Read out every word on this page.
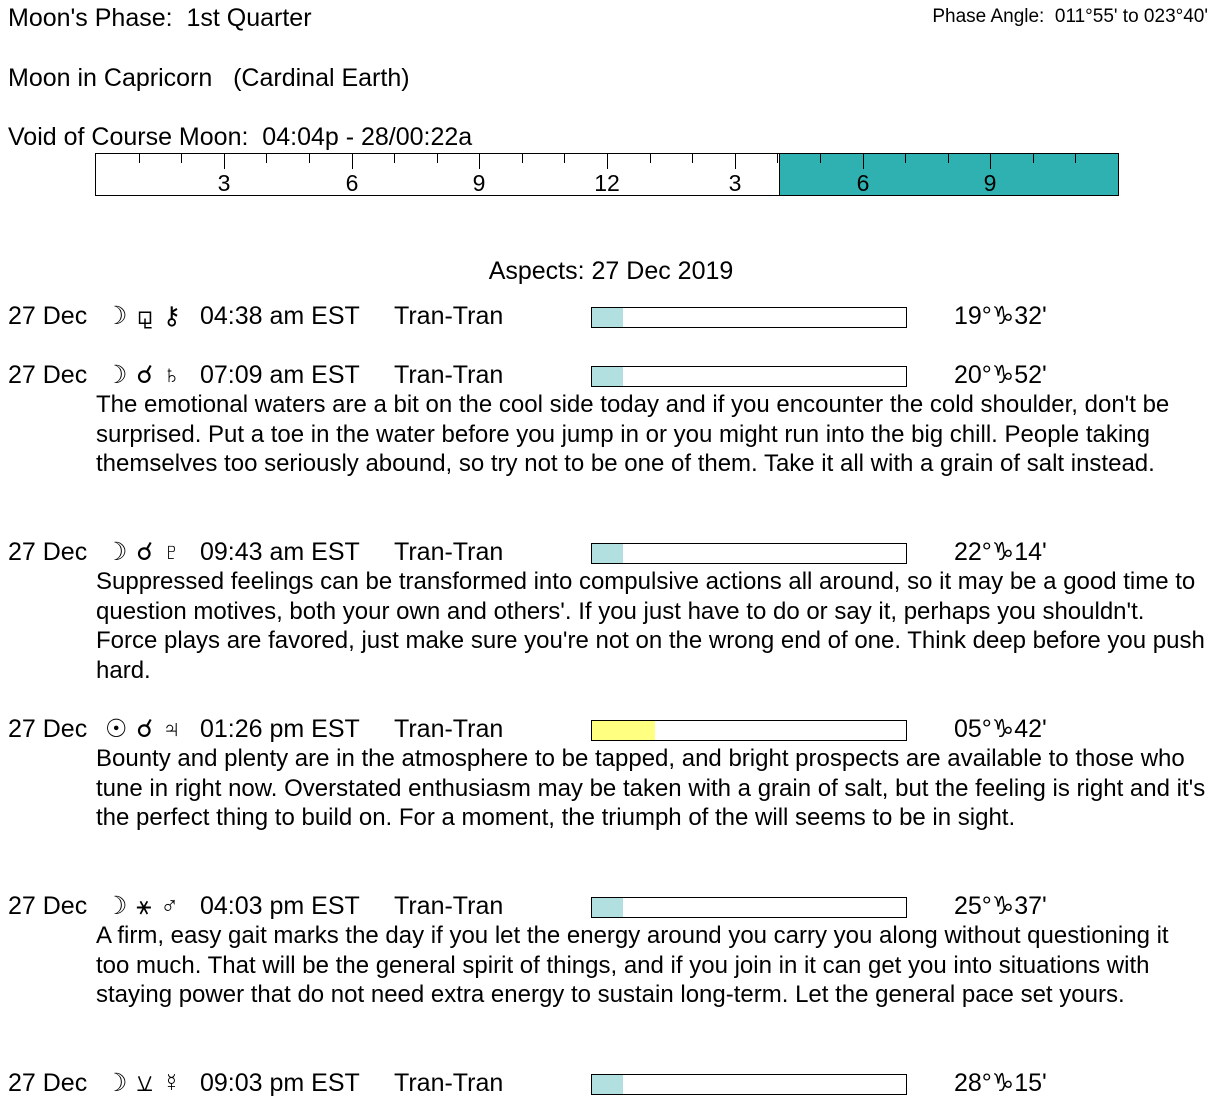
Moon's Phase:  1st Quarter	Phase Angle:  011°55' to 023°40'
Moon in Capricorn   (Cardinal Earth)
Void of Course Moon:  04:04p - 28/00:22a
3	6	9	12	3	6	9
Aspects: 27 Dec 2019
27 Dec ☽ ⚼ ⚷ 04:38 am EST Tran-Tran	19°♑32'
27 Dec ☽ ☌ ♄ 07:09 am EST Tran-Tran	20°♑52'
The emotional waters are a bit on the cool side today and if you encounter the cold shoulder, don't be surprised. Put a toe in the water before you jump in or you might run into the big chill. People taking themselves too seriously abound, so try not to be one of them. Take it all with a grain of salt instead.
27 Dec ☽ ☌ ♇ 09:43 am EST Tran-Tran	22°♑14'
Suppressed feelings can be transformed into compulsive actions all around, so it may be a good time to question motives, both your own and others'. If you just have to do or say it, perhaps you shouldn't. Force plays are favored, just make sure you're not on the wrong end of one. Think deep before you push hard.
27 Dec ☉ ☌ ♃ 01:26 pm EST Tran-Tran	05°♑42'
Bounty and plenty are in the atmosphere to be tapped, and bright prospects are available to those who tune in right now. Overstated enthusiasm may be taken with a grain of salt, but the feeling is right and it's the perfect thing to build on. For a moment, the triumph of the will seems to be in sight.
27 Dec ☽ ⚹ ♂ 04:03 pm EST Tran-Tran	25°♑37'
A firm, easy gait marks the day if you let the energy around you carry you along without questioning it too much. That will be the general spirit of things, and if you join in it can get you into situations with staying power that do not need extra energy to sustain long-term. Let the general pace set yours.
27 Dec ☽ ⚺ ☿ 09:03 pm EST Tran-Tran	28°♑15'
